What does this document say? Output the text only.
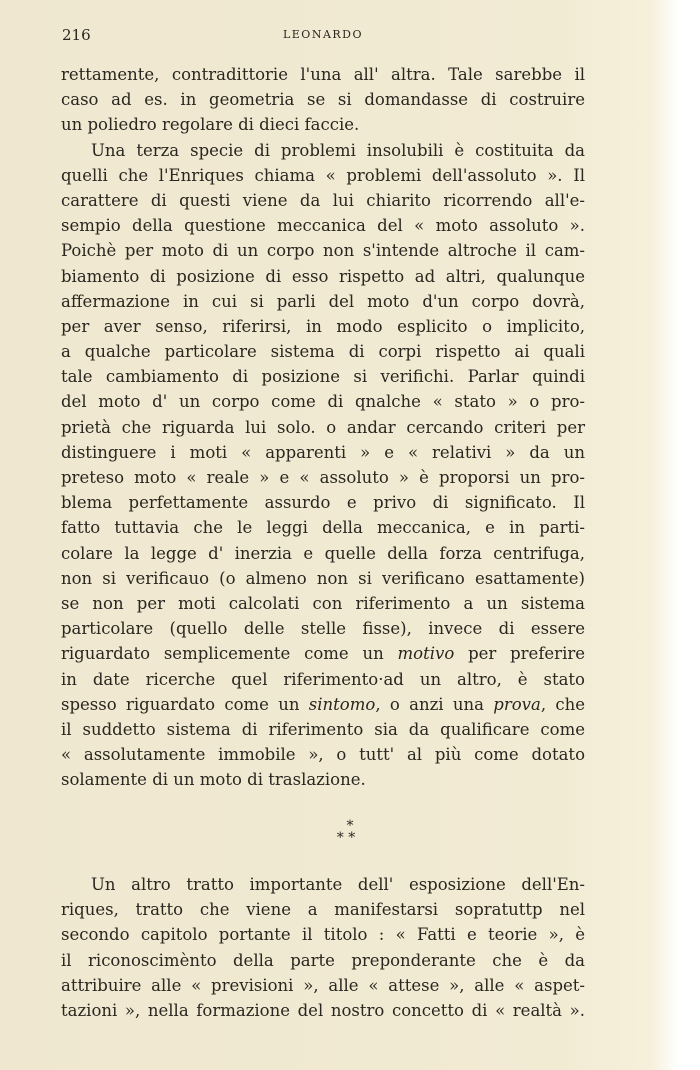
216	LEONARDO
rettamente, contradittorie l'una all' altra. Tale sarebbe il
caso ad es. in geometria se si domandasse di costruire
un poliedro regolare di dieci faccie.
Una terza specie di problemi insolubili è costituita da
quelli che l'Enriques chiama « problemi dell'assoluto ». Il
carattere di questi viene da lui chiarito ricorrendo all'e-
sempio della questione meccanica del « moto assoluto ».
Poichè per moto di un corpo non s'intende altroche il cam-
biamento di posizione di esso rispetto ad altri, qualunque
affermazione in cui si parli del moto d'un corpo dovrà,
per aver senso, riferirsi, in modo esplicito o implicito,
a qualche particolare sistema di corpi rispetto ai quali
tale cambiamento di posizione si verifichi. Parlar quindi
del moto d' un corpo come di qnalche « stato » o pro-
prietà che riguarda lui solo. o andar cercando criteri per
distinguere i moti « apparenti » e « relativi » da un
preteso moto « reale » e « assoluto » è proporsi un pro-
blema perfettamente assurdo e privo di significato. Il
fatto tuttavia che le leggi della meccanica, e in parti-
colare la legge d' inerzia e quelle della forza centrifuga,
non si verificauo (o almeno non si verificano esattamente)
se non per moti calcolati con riferimento a un sistema
particolare (quello delle stelle fisse), invece di essere
riguardato semplicemente come un motivo per preferire
in date ricerche quel riferimento·ad un altro, è stato
spesso riguardato come un sintomo, o anzi una prova, che
il suddetto sistema di riferimento sia da qualificare come
« assolutamente immobile », o tutt' al più come dotato
solamente di un moto di traslazione.
*
* *
Un altro tratto importante dell' esposizione dell'En-
riques, tratto che viene a manifestarsi sopratuttp nel
secondo capitolo portante il titolo : « Fatti e teorie », è
il riconoscimènto della parte preponderante che è da
attribuire alle « previsioni », alle « attese », alle « aspet-
tazioni », nella formazione del nostro concetto di « realtà ».
